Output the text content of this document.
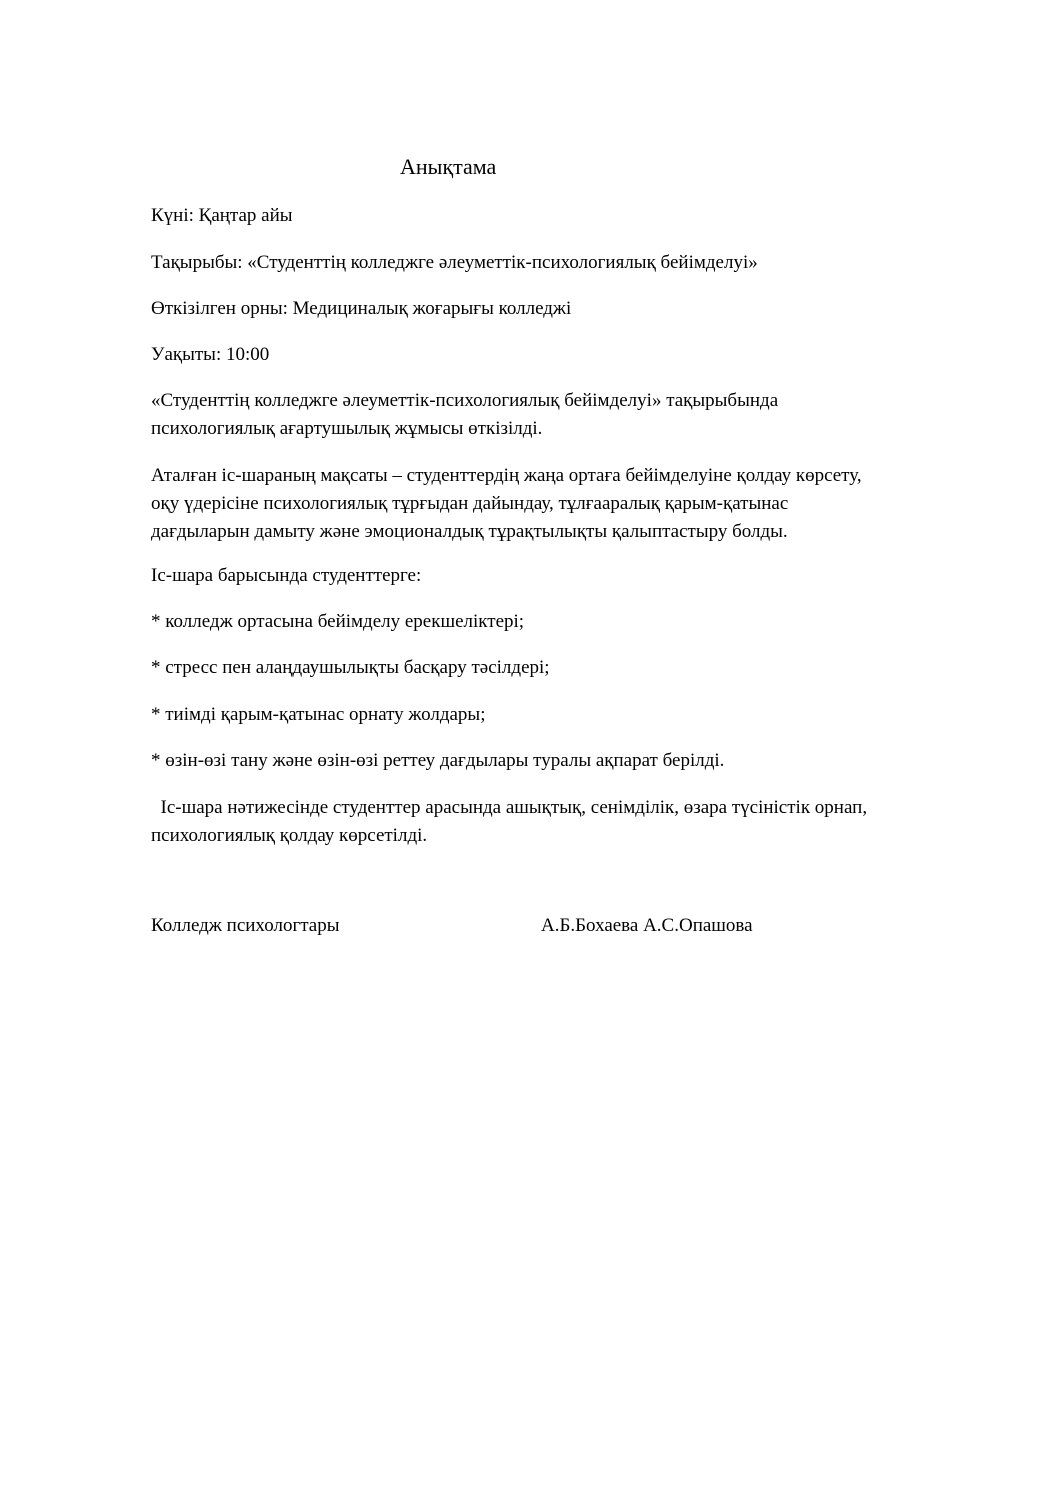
Анықтама
Күні: Қаңтар айы
Тақырыбы: «Студенттің колледжге әлеуметтік-психологиялық бейімделуі»
Өткізілген орны: Медициналық жоғарығы колледжі
Уақыты: 10:00
«Студенттің колледжге әлеуметтік-психологиялық бейімделуі» тақырыбында
психологиялық ағартушылық жұмысы өткізілді.
Аталған іс-шараның мақсаты – студенттердің жаңа ортаға бейімделуіне қолдау көрсету,
оқу үдерісіне психологиялық тұрғыдан дайындау, тұлғааралық қарым-қатынас
дағдыларын дамыту және эмоционалдық тұрақтылықты қалыптастыру болды.
Іс-шара барысында студенттерге:
* колледж ортасына бейімделу ерекшеліктері;
* стресс пен алаңдаушылықты басқару тәсілдері;
* тиімді қарым-қатынас орнату жолдары;
* өзін-өзі тану және өзін-өзі реттеу дағдылары туралы ақпарат берілді.
Іс-шара нәтижесінде студенттер арасында ашықтық, сенімділік, өзара түсіністік орнап,
психологиялық қолдау көрсетілді.
Колледж психологтары	А.Б.Бохаева А.С.Опашова
